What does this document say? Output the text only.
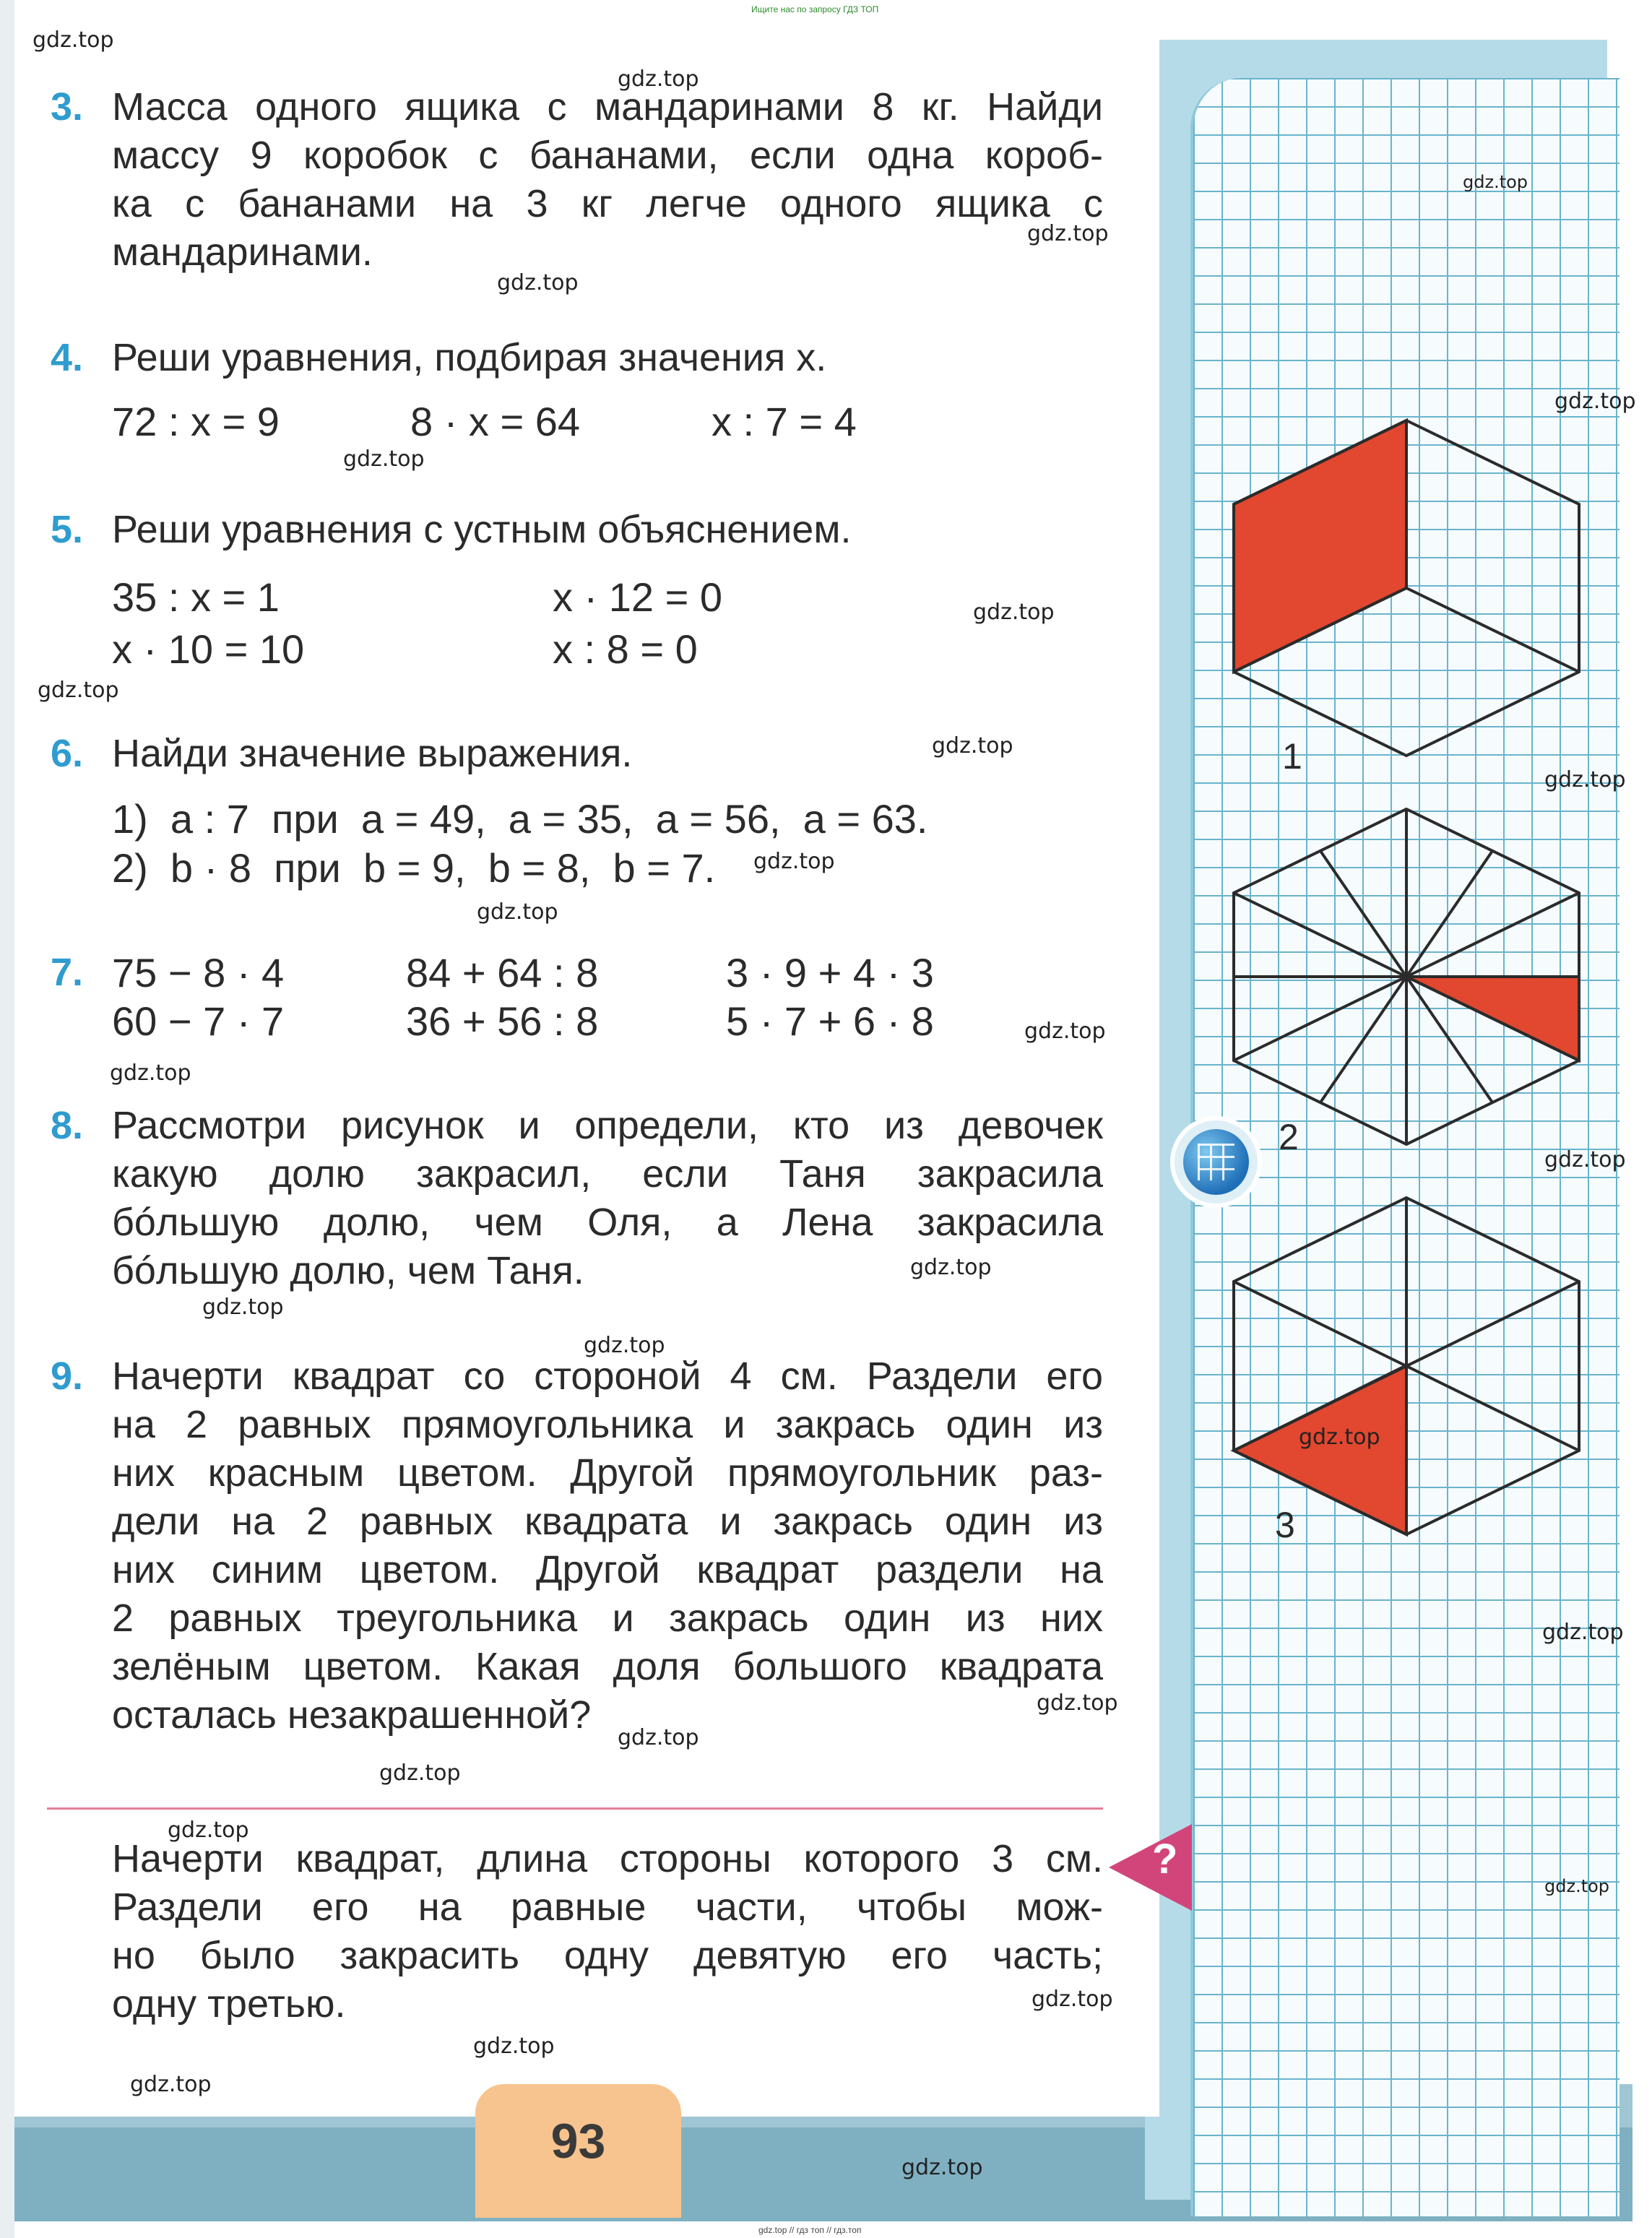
Ищите нас по запросу ГДЗ ТОП
gdz.top // гдз топ // гдз.топ
3. Масса одного ящика с мандаринами 8 кг. Найди
массу 9 коробок с бананами, если одна короб-
ка с бананами на 3 кг легче одного ящика с
мандаринами.
4. Реши уравнения, подбирая значения x.
72 : x = 9	8 · x = 64	x : 7 = 4
5. Реши уравнения с устным объяснением.
35 : x = 1	x · 12 = 0
x · 10 = 10	x : 8 = 0
6. Найди значение выражения.
1)  a : 7  при  a = 49,  a = 35,  a = 56,  a = 63.
2)  b · 8  при  b = 9,  b = 8,  b = 7.
7. 75 − 8 · 4	84 + 64 : 8	3 · 9 + 4 · 3
60 − 7 · 7	36 + 56 : 8	5 · 7 + 6 · 8
8. Рассмотри рисунок и определи, кто из девочек
какую долю закрасил, если Таня закрасила
бóльшую долю, чем Оля, а Лена закрасила
бóльшую долю, чем Таня.
9. Начерти квадрат со стороной 4 см. Раздели его
на 2 равных прямоугольника и закрась один из
них красным цветом. Другой прямоугольник раз-
дели на 2 равных квадрата и закрась один из
них синим цветом. Другой квадрат раздели на
2 равных треугольника и закрась один из них
зелёным цветом. Какая доля большого квадрата
осталась незакрашенной?
Начерти квадрат, длина стороны которого 3 см.
Раздели его на равные части, чтобы мож-
но было закрасить одну девятую его часть;
одну третью.
?
1
2
3
93
gdz.top
gdz.top
gdz.top
gdz.top
gdz.top
gdz.top
gdz.top
gdz.top
gdz.top
gdz.top
gdz.top
gdz.top
gdz.top
gdz.top
gdz.top
gdz.top
gdz.top
gdz.top
gdz.top
gdz.top
gdz.top
gdz.top
gdz.top
gdz.top
gdz.top
gdz.top
gdz.top
gdz.top
gdz.top
gdz.top
